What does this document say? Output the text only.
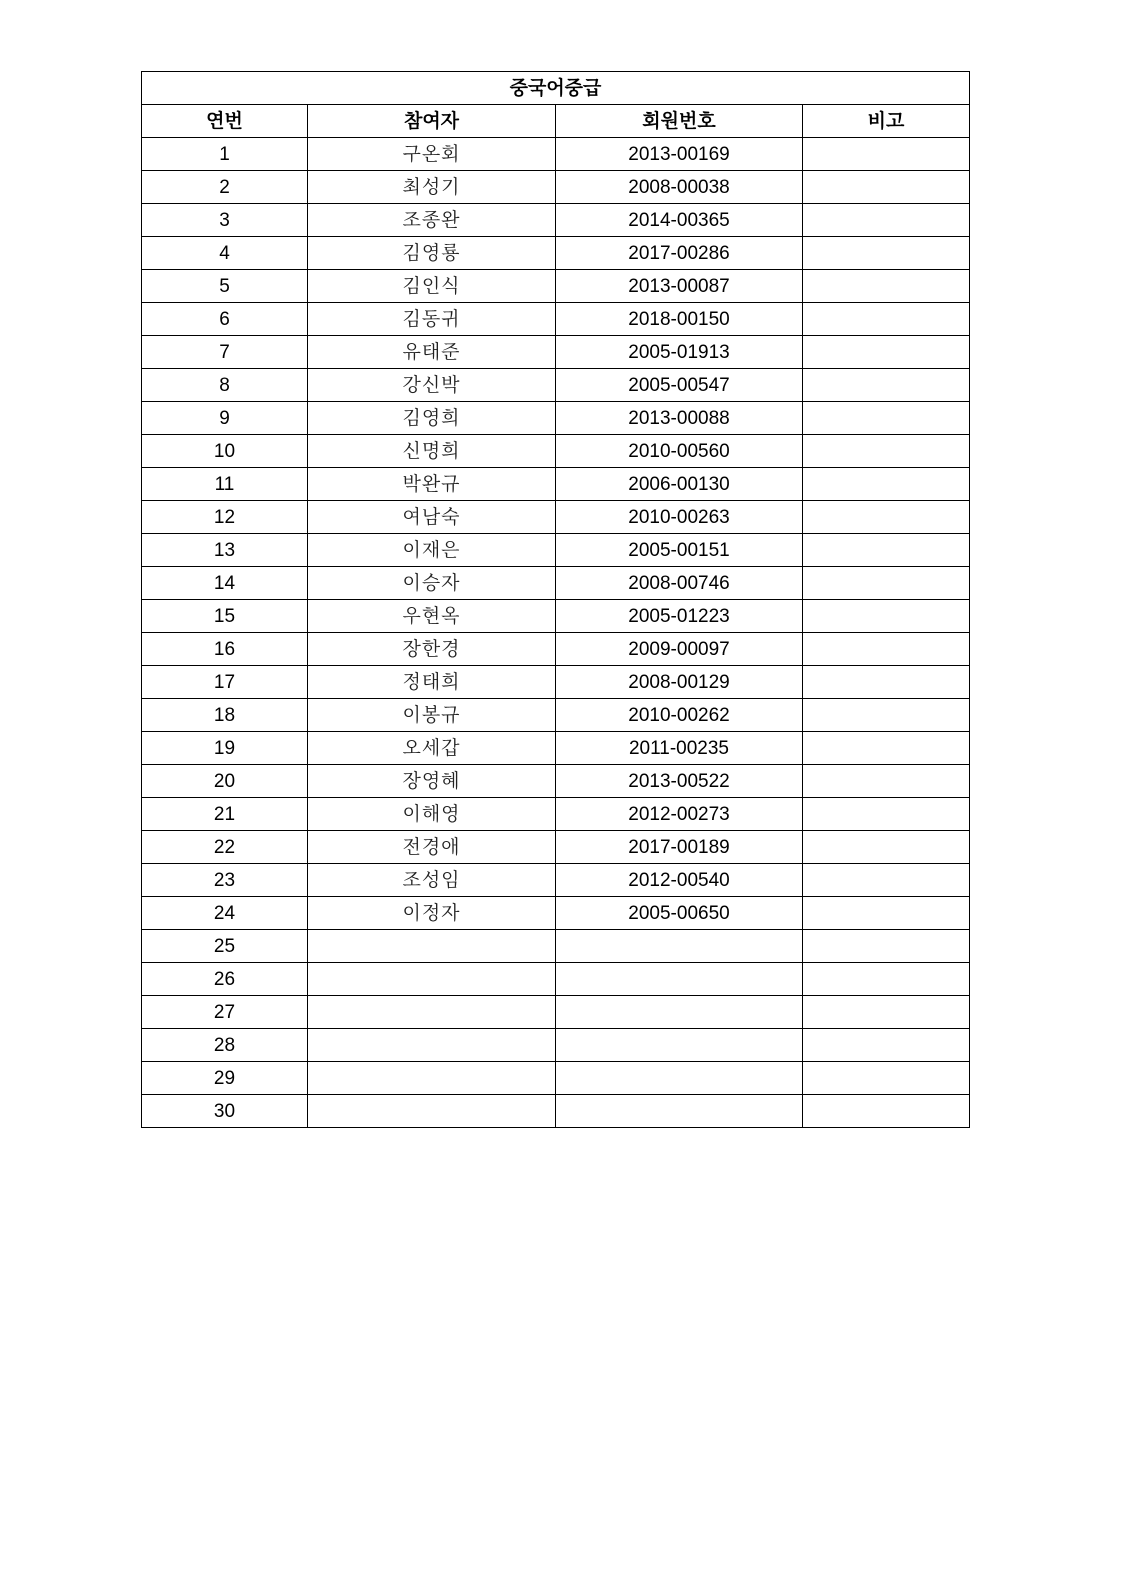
중국어중급			
연번	참여자	회원번호	비고
1	구온회	2013-00169	
2	최성기	2008-00038	
3	조종완	2014-00365	
4	김영룡	2017-00286	
5	김인식	2013-00087	
6	김동귀	2018-00150	
7	유태준	2005-01913	
8	강신박	2005-00547	
9	김영희	2013-00088	
10	신명희	2010-00560	
11	박완규	2006-00130	
12	여남숙	2010-00263	
13	이재은	2005-00151	
14	이승자	2008-00746	
15	우현옥	2005-01223	
16	장한경	2009-00097	
17	정태희	2008-00129	
18	이봉규	2010-00262	
19	오세갑	2011-00235	
20	장영혜	2013-00522	
21	이해영	2012-00273	
22	전경애	2017-00189	
23	조성임	2012-00540	
24	이정자	2005-00650	
25			
26			
27			
28			
29			
30			
